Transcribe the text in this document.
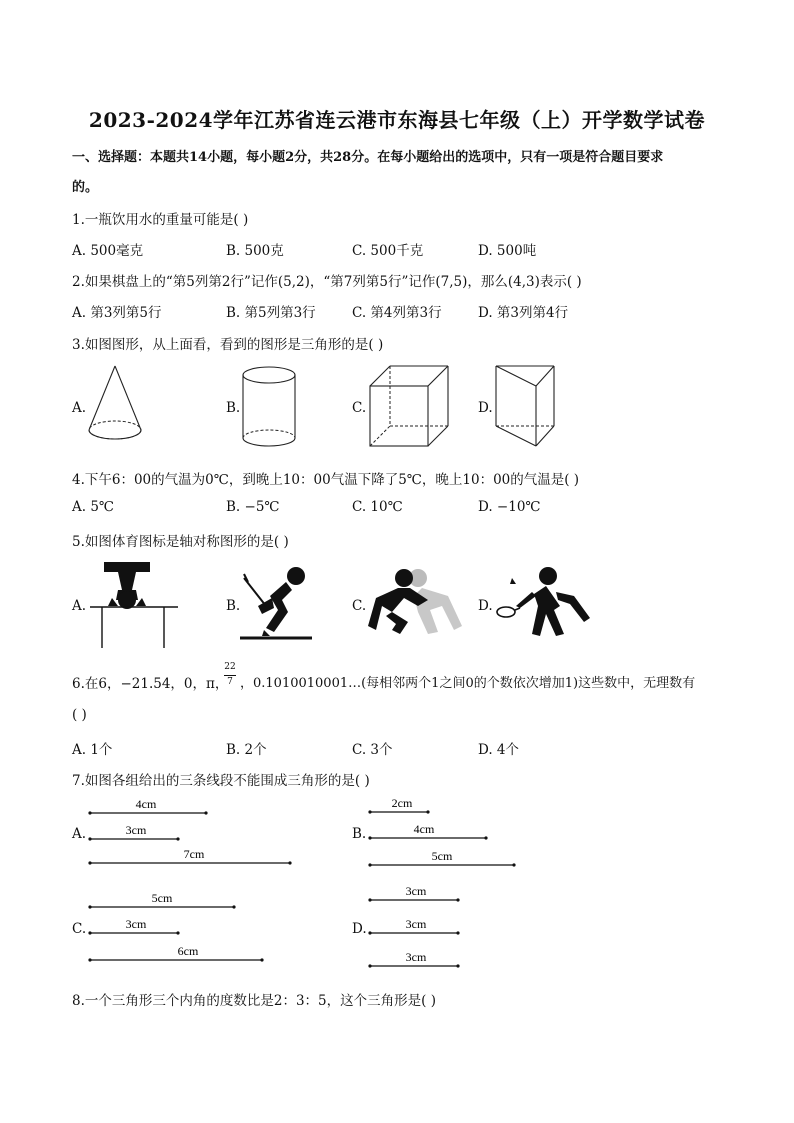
2023-2024学年江苏省连云港市东海县七年级（上）开学数学试卷
一、选择题：本题共14小题，每小题2分，共28分。在每小题给出的选项中，只有一项是符合题目要求
的。
1.一瓶饮用水的重量可能是( )
A. 500毫克	B. 500克	C. 500千克	D. 500吨
2.如果棋盘上的“第5列第2行”记作(5,2)，“第7列第5行”记作(7,5)，那么(4,3)表示( )
A. 第3列第5行	B. 第5列第3行	C. 第4列第3行	D. 第3列第4行
3.如图图形，从上面看，看到的图形是三角形的是( )
A.	B.	C.	D.
4.下午6：00的气温为0℃，到晚上10：00气温下降了5℃，晚上10：00的气温是( )
A. 5℃	B. −5℃	C. 10℃	D. −10℃
5.如图体育图标是轴对称图形的是( )
A.	B.	C.	D.
6.在6，−21.54，0，π，
22
7 ，0.1010010001…(每相邻两个1之间0的个数依次增加1)这些数中，无理数有
( )
A. 1个	B. 2个	C. 3个	D. 4个
7.如图各组给出的三条线段不能围成三角形的是( )
A.	B.
C.	D.
4cm
3cm
7cm
2cm
4cm
5cm
5cm
3cm
6cm
3cm
3cm
3cm
8.一个三角形三个内角的度数比是2：3：5，这个三角形是( )
